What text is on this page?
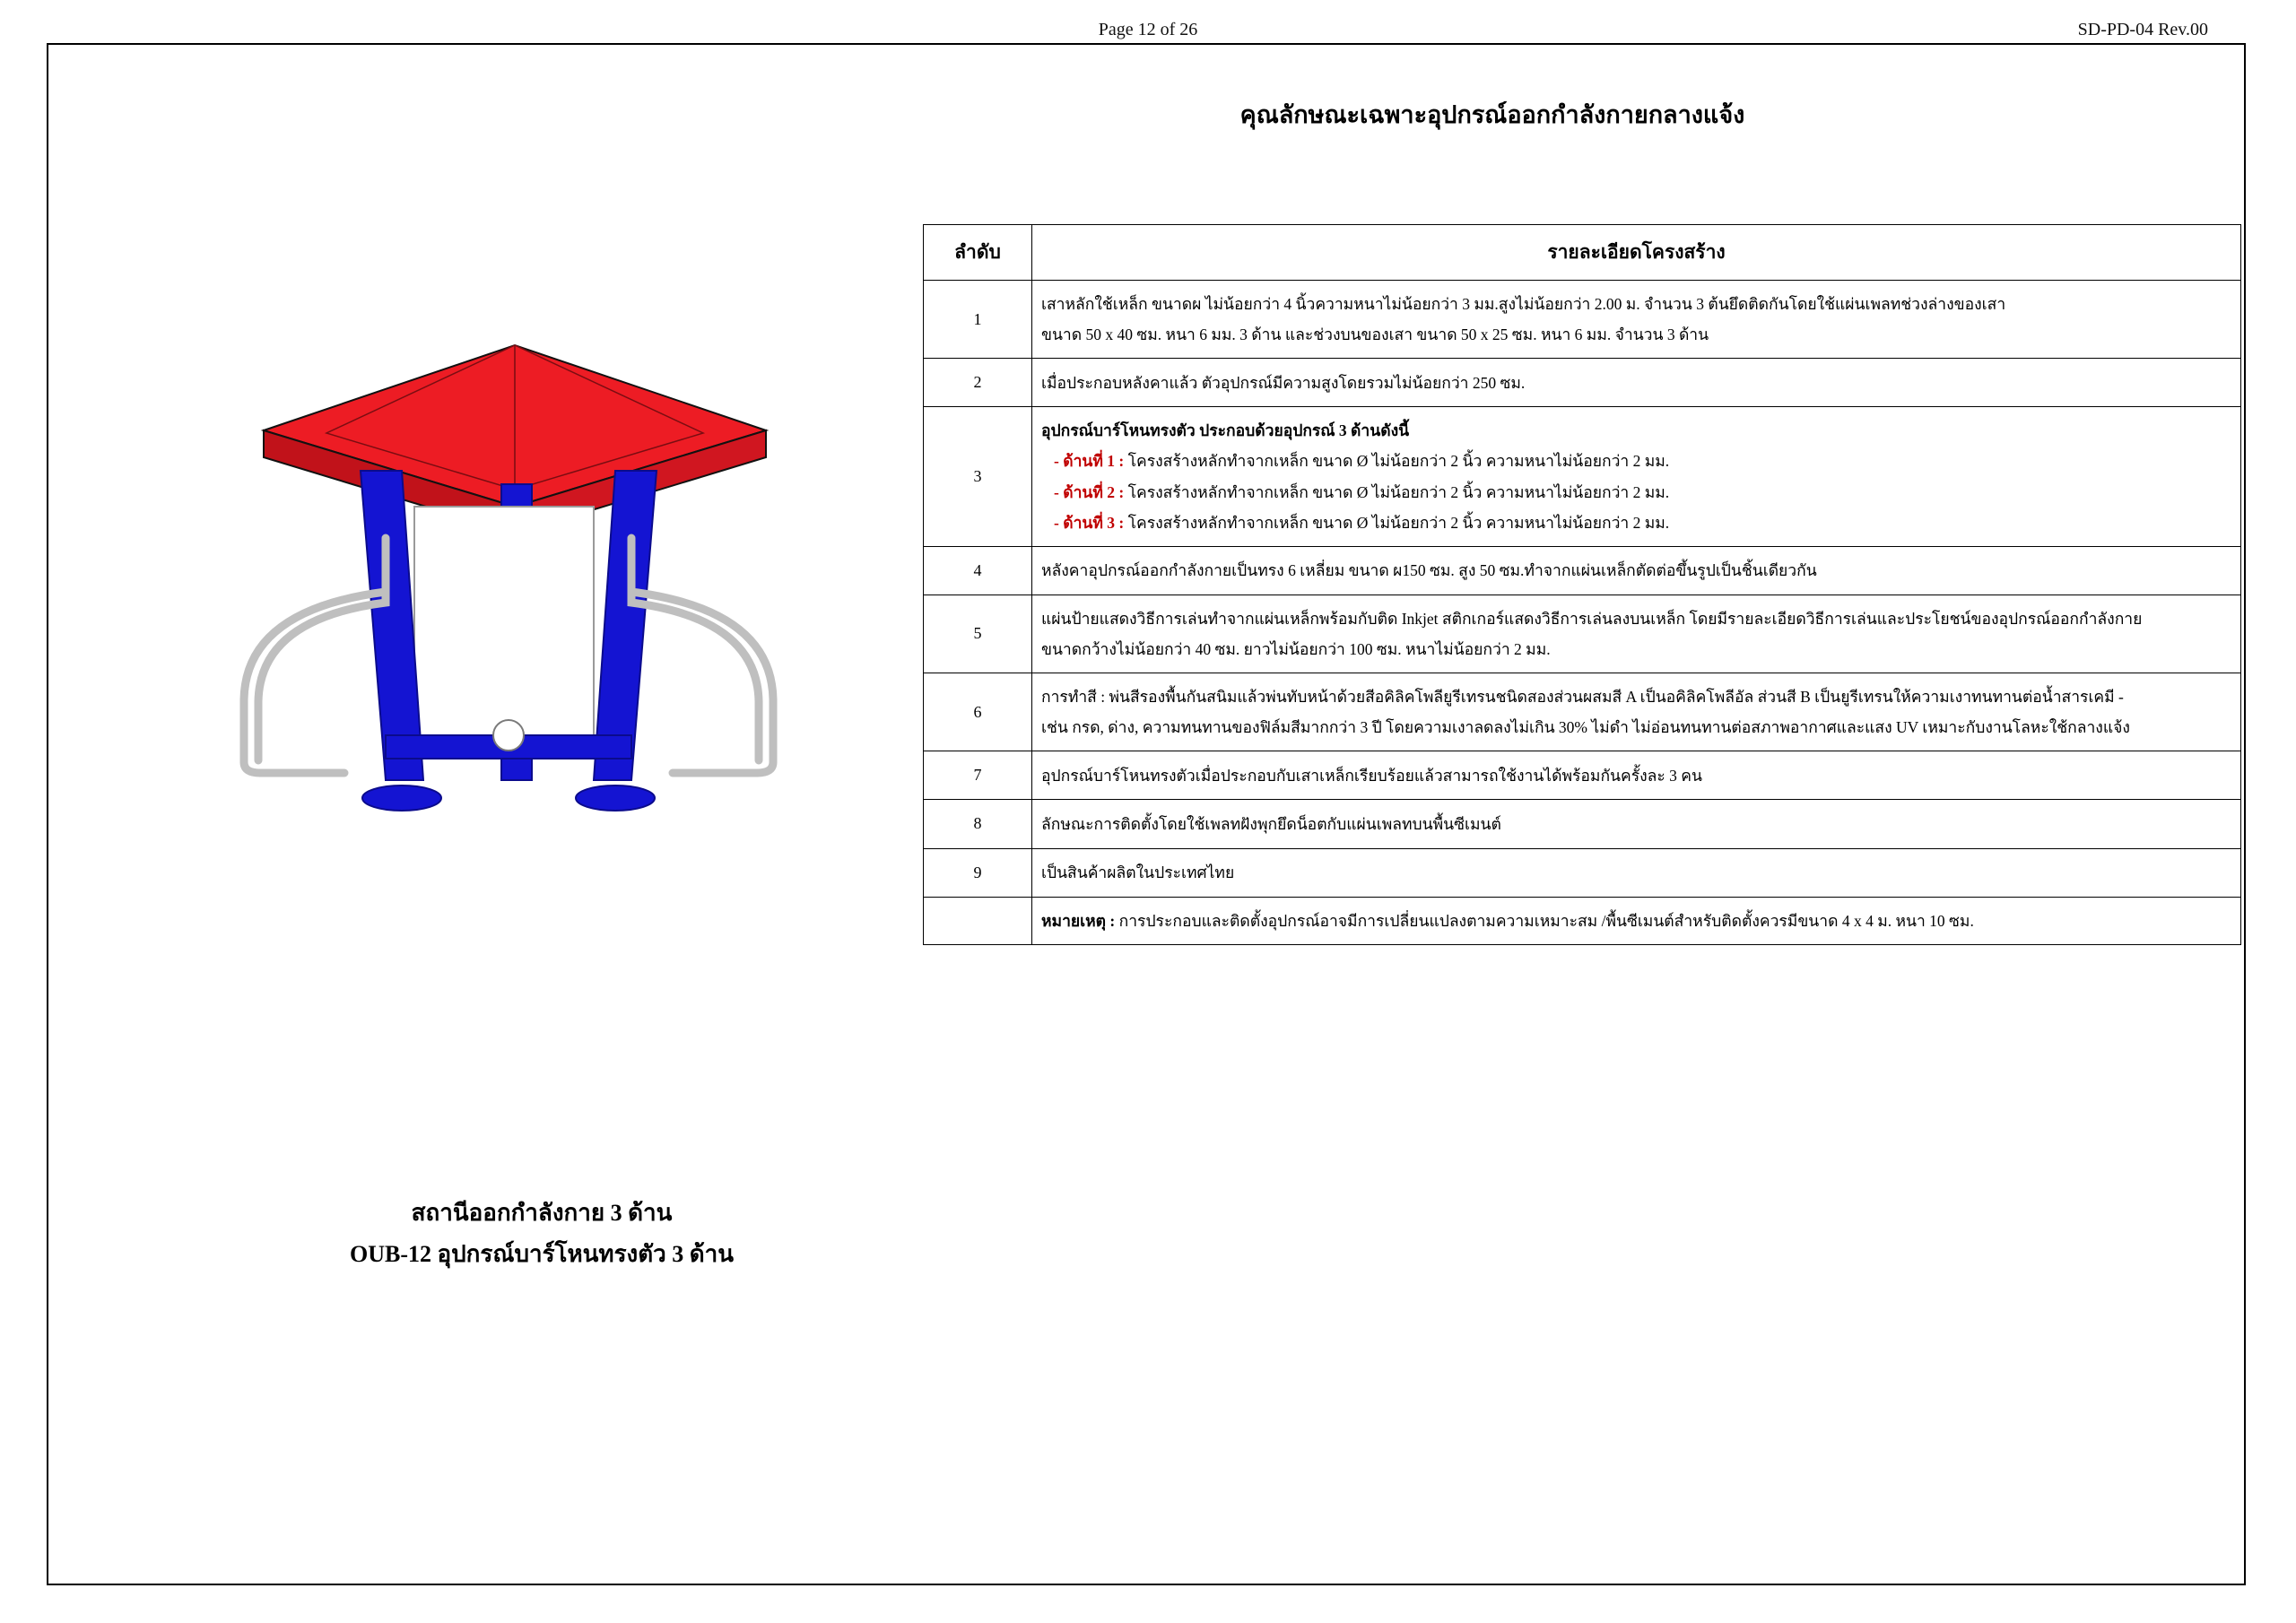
Page 12 of 26	SD-PD-04 Rev.00
คุณลักษณะเฉพาะอุปกรณ์ออกกำลังกายกลางแจ้ง
สถานีออกกำลังกาย 3 ด้าน
OUB-12 อุปกรณ์บาร์โหนทรงตัว 3 ด้าน
ลำดับ	รายละเอียดโครงสร้าง
1	เสาหลักใช้เหล็ก ขนาดผ ไม่น้อยกว่า 4 นิ้วความหนาไม่น้อยกว่า 3 มม.สูงไม่น้อยกว่า 2.00 ม. จำนวน 3 ต้นยึดติดกันโดยใช้แผ่นเพลทช่วงล่างของเสา

ขนาด 50 x 40 ซม. หนา 6 มม. 3 ด้าน และช่วงบนของเสา ขนาด 50 x 25 ซม. หนา 6 มม. จำนวน 3 ด้าน

2	เมื่อประกอบหลังคาแล้ว ตัวอุปกรณ์มีความสูงโดยรวมไม่น้อยกว่า 250 ซม.

3	อุปกรณ์บาร์โหนทรงตัว ประกอบด้วยอุปกรณ์ 3 ด้านดังนี้

- ด้านที่ 1 : โครงสร้างหลักทำจากเหล็ก ขนาด Ø ไม่น้อยกว่า 2 นิ้ว ความหนาไม่น้อยกว่า 2 มม.

- ด้านที่ 2 : โครงสร้างหลักทำจากเหล็ก ขนาด Ø ไม่น้อยกว่า 2 นิ้ว ความหนาไม่น้อยกว่า 2 มม.

- ด้านที่ 3 : โครงสร้างหลักทำจากเหล็ก ขนาด Ø ไม่น้อยกว่า 2 นิ้ว ความหนาไม่น้อยกว่า 2 มม.

4	หลังคาอุปกรณ์ออกกำลังกายเป็นทรง 6 เหลี่ยม ขนาด ผ150 ซม. สูง 50 ซม.ทำจากแผ่นเหล็กตัดต่อขึ้นรูปเป็นชิ้นเดียวกัน

5	แผ่นป้ายแสดงวิธีการเล่นทำจากแผ่นเหล็กพร้อมกับติด Inkjet สติกเกอร์แสดงวิธีการเล่นลงบนเหล็ก โดยมีรายละเอียดวิธีการเล่นและประโยชน์ของอุปกรณ์ออกกำลังกาย

ขนาดกว้างไม่น้อยกว่า 40 ซม. ยาวไม่น้อยกว่า 100 ซม. หนาไม่น้อยกว่า 2 มม.

6	การทำสี : พ่นสีรองพื้นกันสนิมแล้วพ่นทับหน้าด้วยสีอคิลิคโพลียูรีเทรนชนิดสองส่วนผสมสี A เป็นอคิลิคโพลีอัล ส่วนสี B เป็นยูรีเทรนให้ความเงาทนทานต่อน้ำสารเคมี -

เช่น กรด, ด่าง, ความทนทานของฟิล์มสีมากกว่า 3 ปี โดยความเงาลดลงไม่เกิน 30% ไม่ดำ ไม่อ่อนทนทานต่อสภาพอากาศและแสง UV เหมาะกับงานโลหะใช้กลางแจ้ง

7	อุปกรณ์บาร์โหนทรงตัวเมื่อประกอบกับเสาเหล็กเรียบร้อยแล้วสามารถใช้งานได้พร้อมกันครั้งละ 3 คน

8	ลักษณะการติดตั้งโดยใช้เพลทฝังพุกยึดน็อตกับแผ่นเพลทบนพื้นซีเมนต์

9	เป็นสินค้าผลิตในประเทศไทย

	หมายเหตุ : การประกอบและติดตั้งอุปกรณ์อาจมีการเปลี่ยนแปลงตามความเหมาะสม /พื้นซีเมนต์สำหรับติดตั้งควรมีขนาด 4 x 4 ม. หนา 10 ซม.
